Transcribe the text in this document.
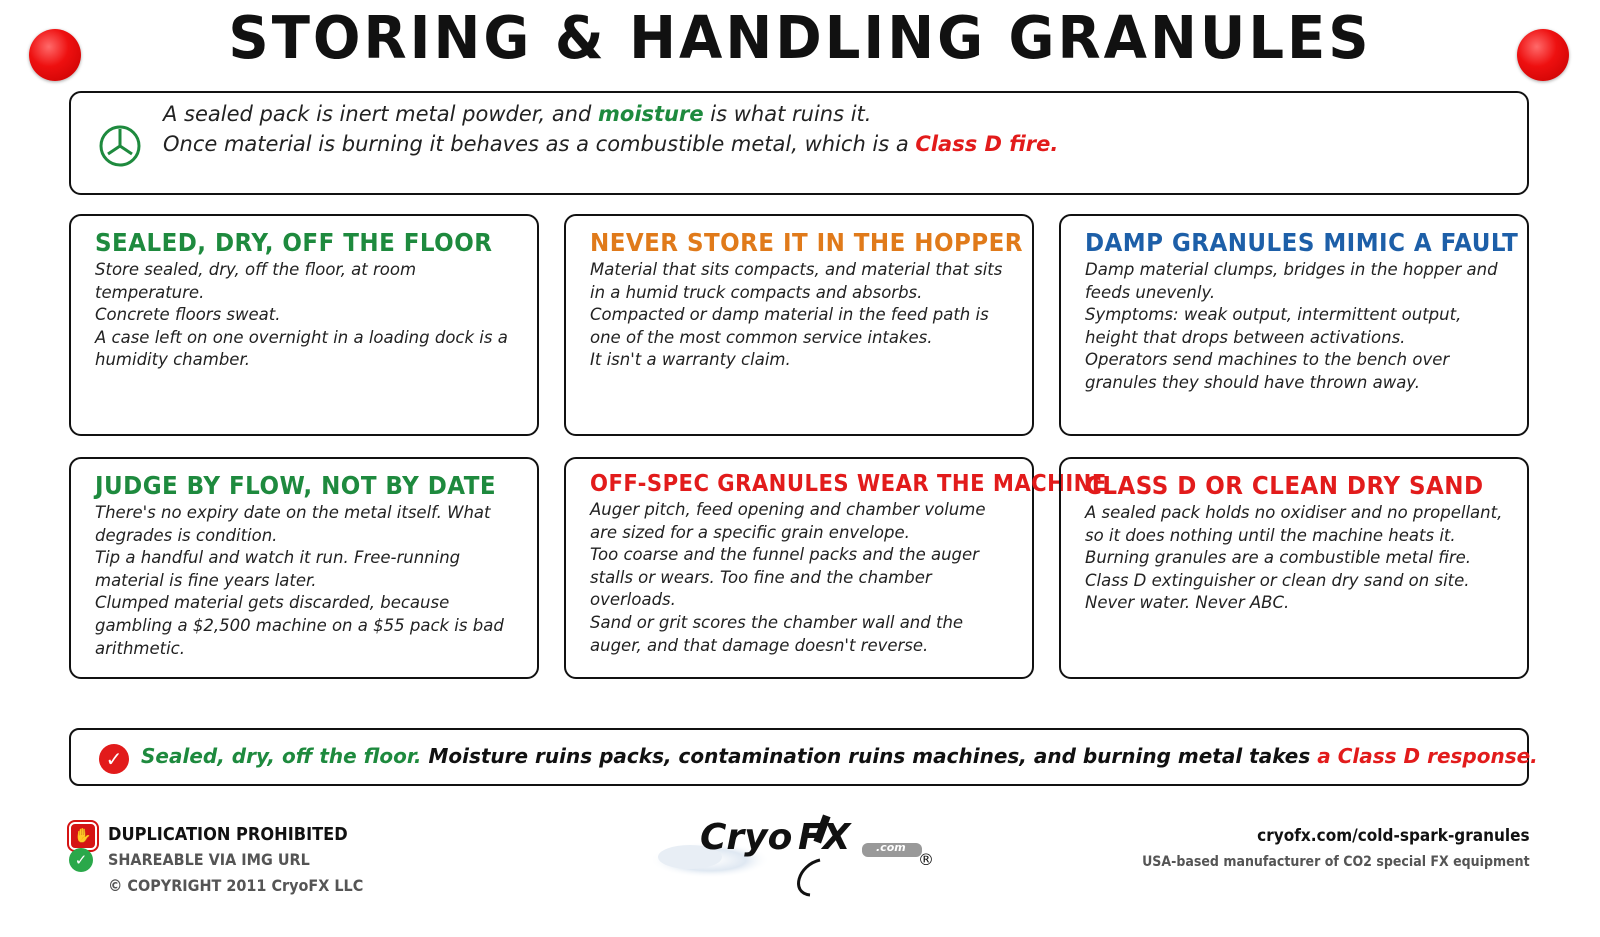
STORING & HANDLING GRANULES
A sealed pack is inert metal powder, and moisture is what ruins it.
Once material is burning it behaves as a combustible metal, which is a Class D fire.
SEALED, DRY, OFF THE FLOOR

Store sealed, dry, off the floor, at room temperature.

Concrete floors sweat.

A case left on one overnight in a loading dock is a humidity chamber.

NEVER STORE IT IN THE HOPPER

Material that sits compacts, and material that sits in a humid truck compacts and absorbs.

Compacted or damp material in the feed path is one of the most common service intakes.

It isn't a warranty claim.

DAMP GRANULES MIMIC A FAULT

Damp material clumps, bridges in the hopper and feeds unevenly.

Symptoms: weak output, intermittent output, height that drops between activations.

Operators send machines to the bench over granules they should have thrown away.

JUDGE BY FLOW, NOT BY DATE

There's no expiry date on the metal itself. What degrades is condition.

Tip a handful and watch it run. Free-running material is fine years later.

Clumped material gets discarded, because gambling a $2,500 machine on a $55 pack is bad arithmetic.

OFF-SPEC GRANULES WEAR THE MACHINE

Auger pitch, feed opening and chamber volume are sized for a specific grain envelope.

Too coarse and the funnel packs and the auger stalls or wears. Too fine and the chamber overloads.

Sand or grit scores the chamber wall and the auger, and that damage doesn't reverse.

CLASS D OR CLEAN DRY SAND

A sealed pack holds no oxidiser and no propellant, so it does nothing until the machine heats it.

Burning granules are a combustible metal fire.

Class D extinguisher or clean dry sand on site.

Never water. Never ABC.

✓ Sealed, dry, off the floor. Moisture ruins packs, contamination ruins machines, and burning metal takes a Class D response.
✋ DUPLICATION PROHIBITED
✓	SHAREABLE VIA IMG URL
© COPYRIGHT 2011 CryoFX LLC
Cryo FX .com
®
cryofx.com/cold-spark-granules
USA-based manufacturer of CO2 special FX equipment
